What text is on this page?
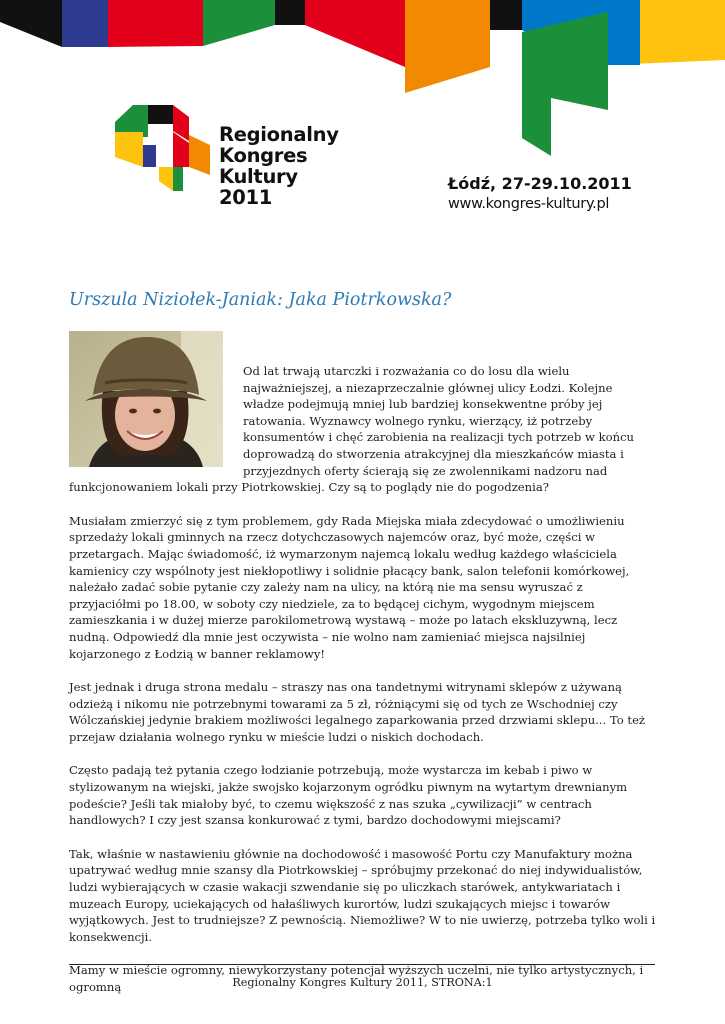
Regionalny
Kongres
Kultury
2011
Łódź, 27-29.10.2011
www.kongres-kultury.pl
Urszula Niziołek-Janiak: Jaka Piotrkowska?

Od lat trwają utarczki i rozważania co do losu dla wielu najważniejszej, a niezaprzeczalnie głównej ulicy Łodzi. Kolejne władze podejmują mniej lub bardziej konsekwentne próby jej ratowania. Wyznawcy wolnego rynku, wierzący, iż potrzeby konsumentów i chęć zarobienia na realizacji tych potrzeb w końcu doprowadzą do stworzenia atrakcyjnej dla mieszkańców miasta i przyjezdnych oferty ścierają się ze zwolennikami nadzoru nad funkcjonowaniem lokali przy Piotrkowskiej. Czy są to poglądy nie do pogodzenia?

Musiałam zmierzyć się z tym problemem, gdy Rada Miejska miała zdecydować o umożliwieniu sprzedaży lokali gminnych na rzecz dotychczasowych najemców oraz, być może, części w przetargach. Mając świadomość, iż wymarzonym najemcą lokalu według każdego właściciela kamienicy czy wspólnoty jest niekłopotliwy i solidnie płacący bank, salon telefonii komórkowej, należało zadać sobie pytanie czy zależy nam na ulicy, na którą nie ma sensu wyruszać z przyjaciółmi po 18.00, w soboty czy niedziele, za to będącej cichym, wygodnym miejscem zamieszkania i w dużej mierze parokilometrową wystawą – może po latach ekskluzywną, lecz nudną. Odpowiedź dla mnie jest oczywista – nie wolno nam zamieniać miejsca najsilniej kojarzonego z Łodzią w banner reklamowy!

Jest jednak i druga strona medalu – straszy nas ona tandetnymi witrynami sklepów z używaną odzieżą i nikomu nie potrzebnymi towarami za 5 zł, różniącymi się od tych ze Wschodniej czy Wólczańskiej jedynie brakiem możliwości legalnego zaparkowania przed drzwiami sklepu... To też przejaw działania wolnego rynku w mieście ludzi o niskich dochodach.

Często padają też pytania czego łodzianie potrzebują, może wystarcza im kebab i piwo w stylizowanym na wiejski, jakże swojsko kojarzonym ogródku piwnym na wytartym drewnianym podeście? Jeśli tak miałoby być, to czemu większość z nas szuka „cywilizacji” w centrach handlowych? I czy jest szansa konkurować z tymi, bardzo dochodowymi miejscami?

Tak, właśnie w nastawieniu głównie na dochodowość i masowość Portu czy Manufaktury można upatrywać według mnie szansy dla Piotrkowskiej – spróbujmy przekonać do niej indywidualistów, ludzi wybierających w czasie wakacji szwendanie się po uliczkach starówek, antykwariatach i muzeach Europy, uciekających od hałaśliwych kurortów, ludzi szukających miejsc i towarów wyjątkowych. Jest to trudniejsze? Z pewnością. Niemożliwe? W to nie uwierzę, potrzeba tylko woli i konsekwencji.

Mamy w mieście ogromny, niewykorzystany potencjał wyższych uczelni, nie tylko artystycznych, i ogromną	Regionalny Kongres Kultury 2011, STRONA:1
